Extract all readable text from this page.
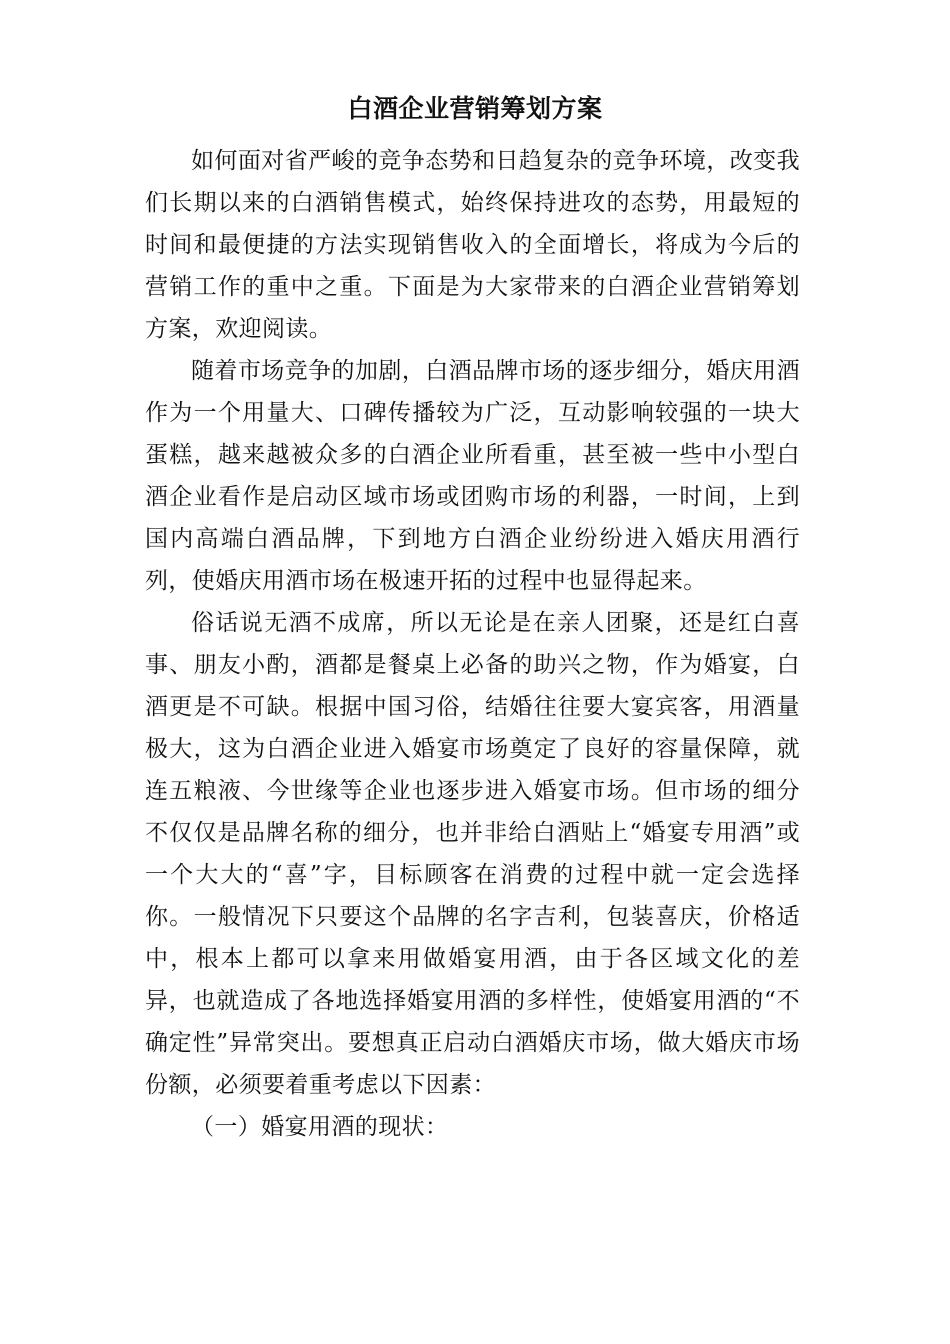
白酒企业营销筹划方案

如何面对省严峻的竞争态势和日趋复杂的竞争环境，改变我们长期以来的白酒销售模式，始终保持进攻的态势，用最短的时间和最便捷的方法实现销售收入的全面增长，将成为今后的营销工作的重中之重。下面是为大家带来的白酒企业营销筹划方案，欢迎阅读。

随着市场竞争的加剧，白酒品牌市场的逐步细分，婚庆用酒作为一个用量大、口碑传播较为广泛，互动影响较强的一块大蛋糕，越来越被众多的白酒企业所看重，甚至被一些中小型白酒企业看作是启动区域市场或团购市场的利器，一时间，上到国内高端白酒品牌，下到地方白酒企业纷纷进入婚庆用酒行列，使婚庆用酒市场在极速开拓的过程中也显得起来。

俗话说无酒不成席，所以无论是在亲人团聚，还是红白喜事、朋友小酌，酒都是餐桌上必备的助兴之物，作为婚宴，白酒更是不可缺。根据中国习俗，结婚往往要大宴宾客，用酒量极大，这为白酒企业进入婚宴市场奠定了良好的容量保障，就连五粮液、今世缘等企业也逐步进入婚宴市场。但市场的细分不仅仅是品牌名称的细分，也并非给白酒贴上“婚宴专用酒”或一个大大的“喜”字，目标顾客在消费的过程中就一定会选择你。一般情况下只要这个品牌的名字吉利，包装喜庆，价格适中，根本上都可以拿来用做婚宴用酒，由于各区域文化的差异，也就造成了各地选择婚宴用酒的多样性，使婚宴用酒的“不确定性”异常突出。要想真正启动白酒婚庆市场，做大婚庆市场份额，必须要着重考虑以下因素：

（一）婚宴用酒的现状：
